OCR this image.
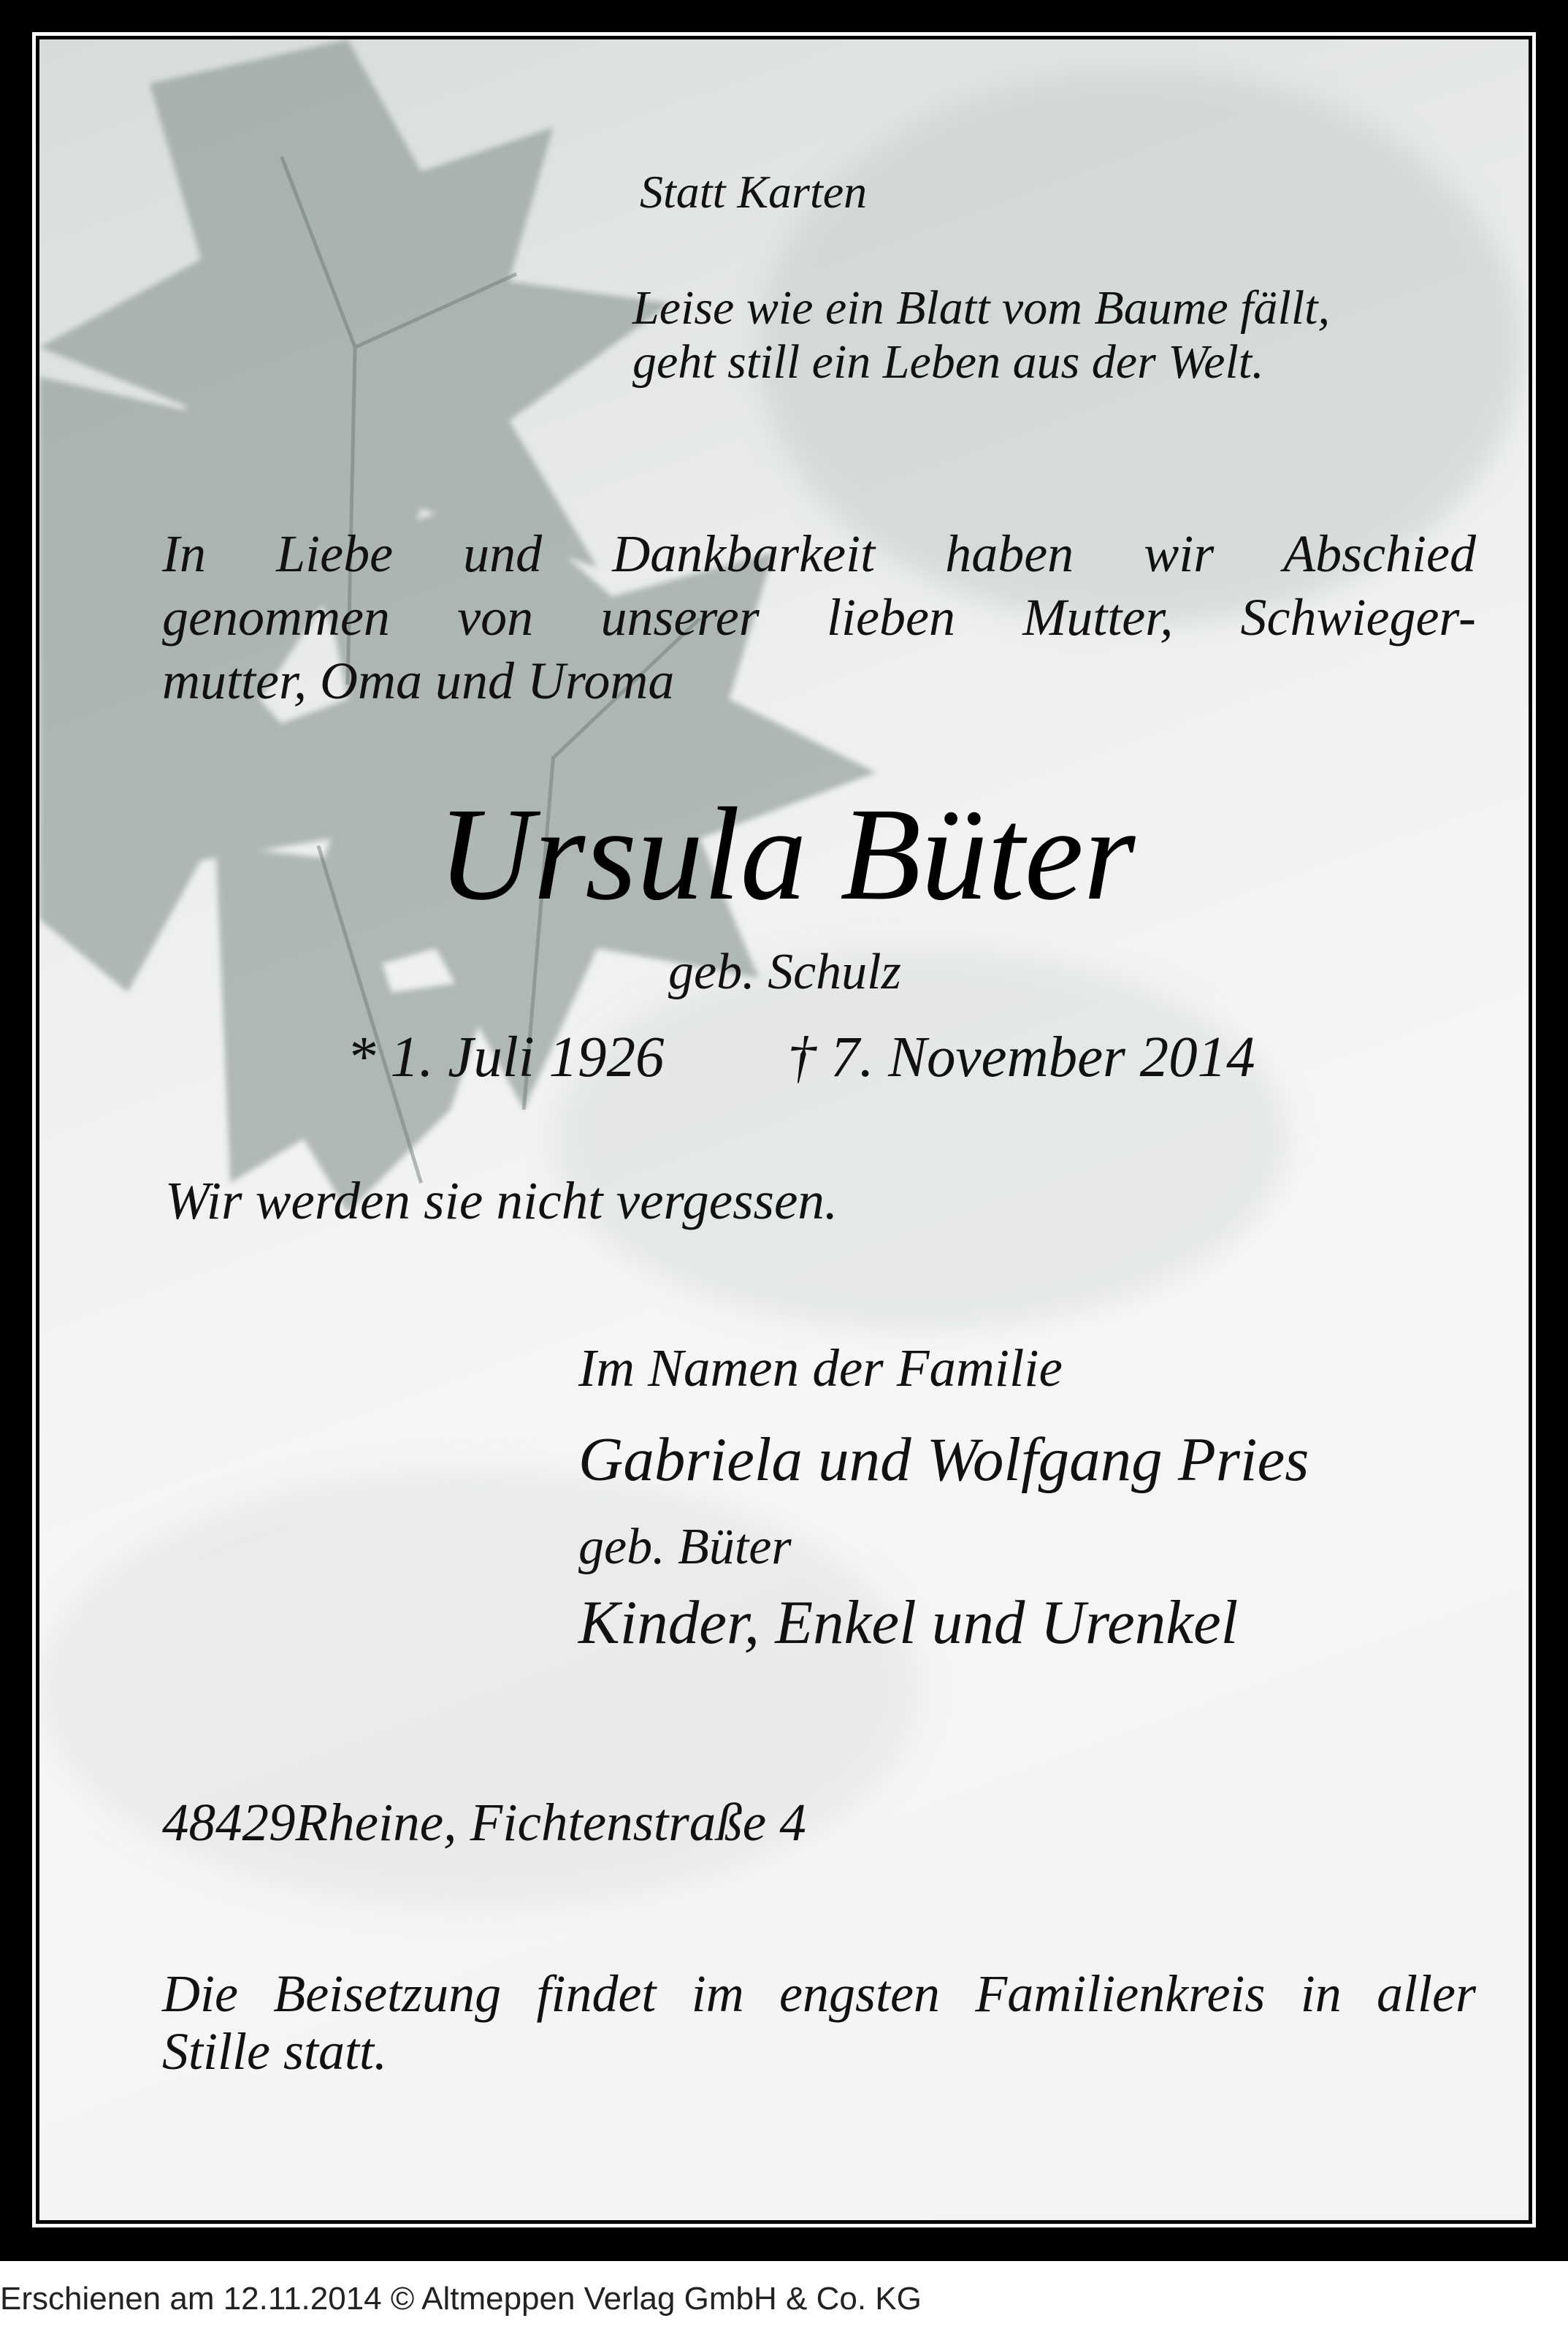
Statt Karten
Leise wie ein Blatt vom Baume fällt,
geht still ein Leben aus der Welt.
In Liebe und Dankbarkeit haben wir Abschied
genommen von unserer lieben Mutter, Schwieger-
mutter, Oma und Uroma
Ursula Büter
geb. Schulz
* 1. Juli 1926 † 7. November 2014
Wir werden sie nicht vergessen.
Im Namen der Familie
Gabriela und Wolfgang Pries
geb. Büter
Kinder, Enkel und Urenkel
48429Rheine, Fichtenstraße 4
Die Beisetzung findet im engsten Familienkreis in aller
Stille statt.
Erschienen am 12.11.2014 © Altmeppen Verlag GmbH & Co. KG
